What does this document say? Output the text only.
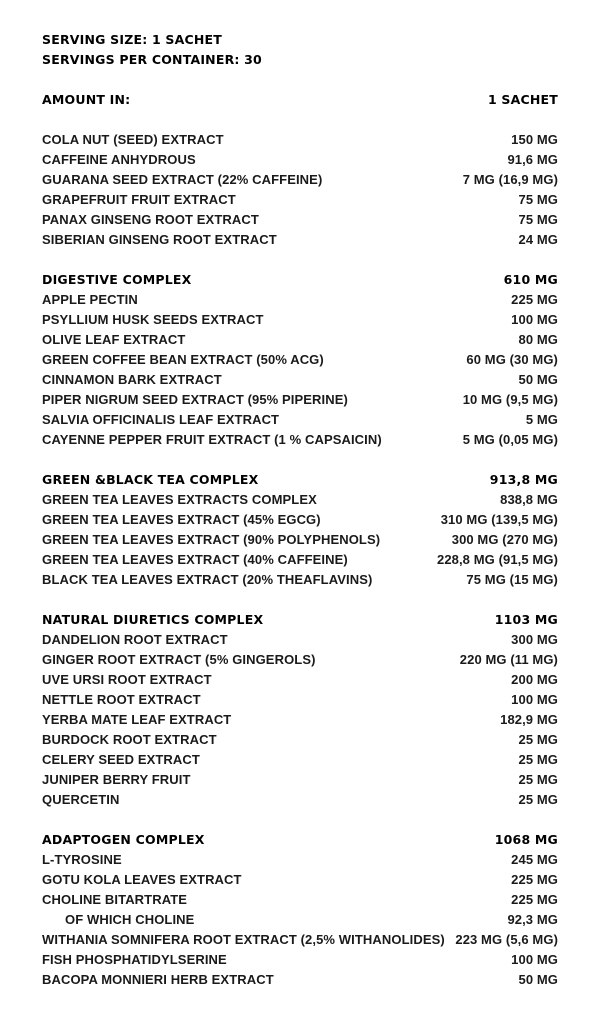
SERVING SIZE: 1 SACHET
SERVINGS PER CONTAINER: 30
AMOUNT IN:	1 SACHET
COLA NUT (SEED) EXTRACT	150 MG
CAFFEINE ANHYDROUS	91,6 MG
GUARANA SEED EXTRACT (22% CAFFEINE)	7 MG (16,9 MG)
GRAPEFRUIT FRUIT EXTRACT	75 MG
PANAX GINSENG ROOT EXTRACT	75 MG
SIBERIAN GINSENG ROOT EXTRACT	24 MG
DIGESTIVE COMPLEX	610 MG
APPLE PECTIN	225 MG
PSYLLIUM HUSK SEEDS EXTRACT	100 MG
OLIVE LEAF EXTRACT	80 MG
GREEN COFFEE BEAN EXTRACT (50% ACG)	60 MG (30 MG)
CINNAMON BARK EXTRACT	50 MG
PIPER NIGRUM SEED EXTRACT (95% PIPERINE)	10 MG (9,5 MG)
SALVIA OFFICINALIS LEAF EXTRACT	5 MG
CAYENNE PEPPER FRUIT EXTRACT (1 % CAPSAICIN)	5 MG (0,05 MG)
GREEN &BLACK TEA COMPLEX	913,8 MG
GREEN TEA LEAVES EXTRACTS COMPLEX	838,8 MG
GREEN TEA LEAVES EXTRACT (45% EGCG)	310 MG (139,5 MG)
GREEN TEA LEAVES EXTRACT (90% POLYPHENOLS)	300 MG (270 MG)
GREEN TEA LEAVES EXTRACT (40% CAFFEINE)	228,8 MG (91,5 MG)
BLACK TEA LEAVES EXTRACT (20% THEAFLAVINS)	75 MG (15 MG)
NATURAL DIURETICS COMPLEX	1103 MG
DANDELION ROOT EXTRACT	300 MG
GINGER ROOT EXTRACT (5% GINGEROLS)	220 MG (11 MG)
UVE URSI ROOT EXTRACT	200 MG
NETTLE ROOT EXTRACT	100 MG
YERBA MATE LEAF EXTRACT	182,9 MG
BURDOCK ROOT EXTRACT	25 MG
CELERY SEED EXTRACT	25 MG
JUNIPER BERRY FRUIT	25 MG
QUERCETIN	25 MG
ADAPTOGEN COMPLEX	1068 MG
L-TYROSINE	245 MG
GOTU KOLA LEAVES EXTRACT	225 MG
CHOLINE BITARTRATE	225 MG
OF WHICH CHOLINE	92,3 MG
WITHANIA SOMNIFERA ROOT EXTRACT (2,5% WITHANOLIDES) 223 MG (5,6 MG)
FISH PHOSPHATIDYLSERINE	100 MG
BACOPA MONNIERI HERB EXTRACT	50 MG
